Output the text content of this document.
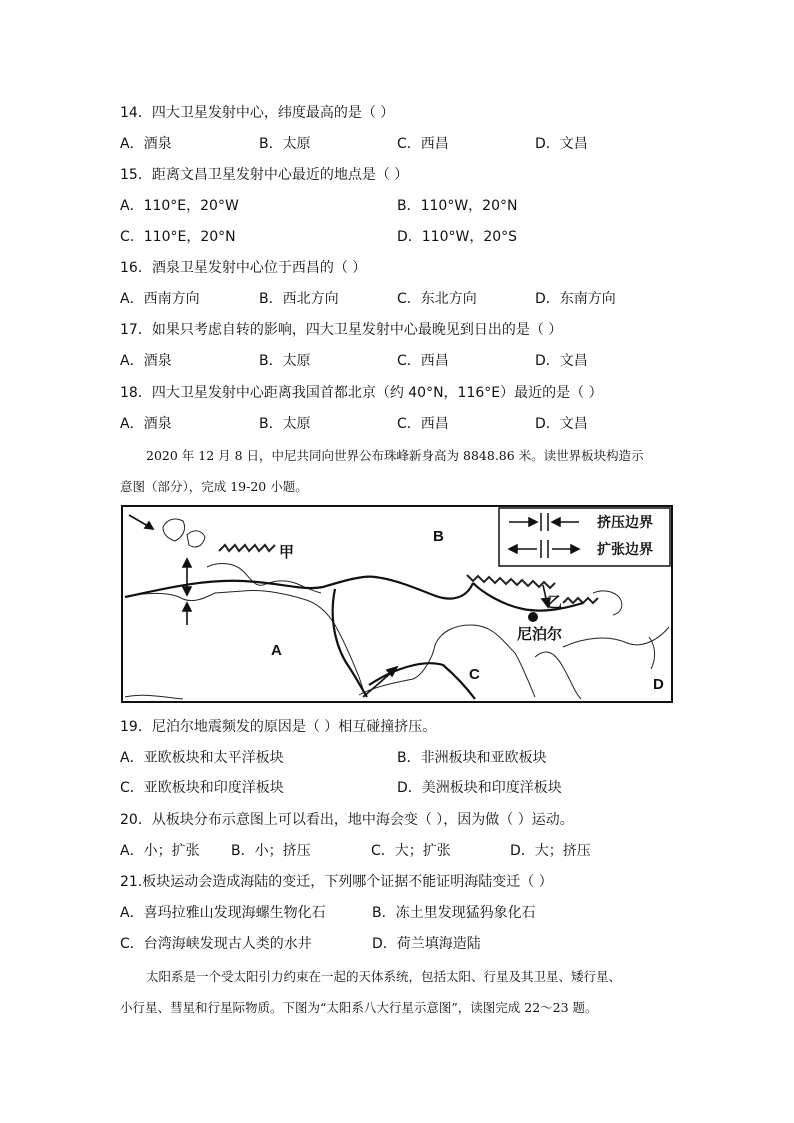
14．四大卫星发射中心，纬度最高的是（ ）
A．酒泉	B．太原	C．西昌	D．文昌
15．距离文昌卫星发射中心最近的地点是（ ）
A．110°E，20°W	B．110°W，20°N
C．110°E，20°N	D．110°W，20°S
16．酒泉卫星发射中心位于西昌的（ ）
A．西南方向	B．西北方向	C．东北方向	D．东南方向
17．如果只考虑自转的影响，四大卫星发射中心最晚见到日出的是（ ）
A．酒泉	B．太原	C．西昌	D．文昌
18．四大卫星发射中心距离我国首都北京（约 40°N，116°E）最近的是（ ）
A．酒泉	B．太原	C．西昌	D．文昌
2020 年 12 月 8 日，中尼共同向世界公布珠峰新身高为 8848.86 米。读世界板块构造示
意图（部分），完成 19-20 小题。
挤压边界
扩张边界
A
B
C
D
甲
乙
尼泊尔
19．尼泊尔地震频发的原因是（ ）相互碰撞挤压。
A．亚欧板块和太平洋板块	B．非洲板块和亚欧板块
C．亚欧板块和印度洋板块	D．美洲板块和印度洋板块
20．从板块分布示意图上可以看出，地中海会变（ ），因为做（ ）运动。
A．小；扩张 B．小；挤压	C．大；扩张	D．大；挤压
21.板块运动会造成海陆的变迁，下列哪个证据不能证明海陆变迁（ ）
A．喜玛拉雅山发现海螺生物化石	B．冻土里发现猛犸象化石
C．台湾海峡发现古人类的水井	D．荷兰填海造陆
太阳系是一个受太阳引力约束在一起的天体系统，包括太阳、行星及其卫星、矮行星、
小行星、彗星和行星际物质。下图为“太阳系八大行星示意图”，读图完成 22～23 题。
